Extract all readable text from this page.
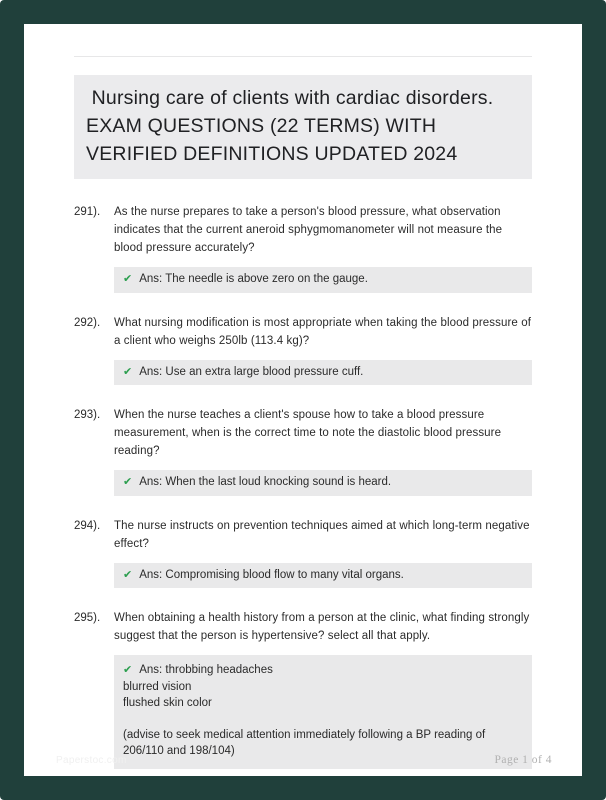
Nursing care of clients with cardiac disorders. EXAM QUESTIONS (22 TERMS) WITH VERIFIED DEFINITIONS UPDATED 2024
291).	As the nurse prepares to take a person's blood pressure, what observation indicates that the current aneroid sphygmomanometer will not measure the blood pressure accurately?

✔ Ans: The needle is above zero on the gauge.

292).	What nursing modification is most appropriate when taking the blood pressure of a client who weighs 250lb (113.4 kg)?

✔ Ans: Use an extra large blood pressure cuff.

293).	When the nurse teaches a client's spouse how to take a blood pressure measurement, when is the correct time to note the diastolic blood pressure reading?

✔ Ans: When the last loud knocking sound is heard.

294).	The nurse instructs on prevention techniques aimed at which long-term negative effect?

✔ Ans: Compromising blood flow to many vital organs.

295).	When obtaining a health history from a person at the clinic, what finding strongly suggest that the person is hypertensive? select all that apply.

✔ Ans: throbbing headaches

blurred vision

flushed skin color

(advise to seek medical attention immediately following a BP reading of 206/110 and 198/104)

Paperstoc.com	Page 1 of 4
